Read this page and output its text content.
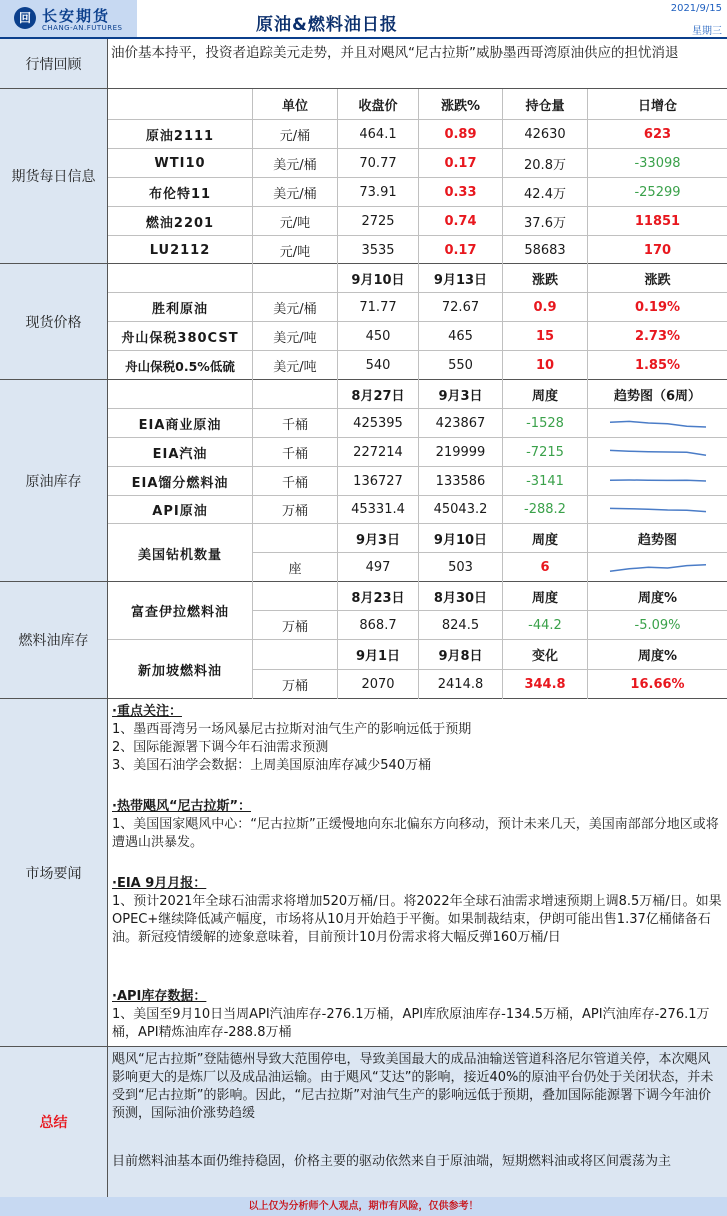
回 长安期货
CHANG-AN.FUTURES	原油&燃料油日报
2021/9/15
星期三
行情回顾
油价基本持平，投资者追踪美元走势，并且对飓风“尼古拉斯”威胁墨西哥湾原油供应的担忧消退
期货每日信息
单位	收盘价	涨跌%	持仓量	日增仓
原油2111	元/桶	464.1	0.89	42630	623
WTI10	美元/桶	70.77	0.17	20.8万	-33098
布伦特11	美元/桶	73.91	0.33	42.4万	-25299
燃油2201	元/吨	2725	0.74	37.6万	11851
LU2112	元/吨	3535	0.17	58683	170
现货价格
9月10日	9月13日	涨跌	涨跌
胜利原油	美元/桶	71.77	72.67	0.9	0.19%
舟山保税380CST	美元/吨	450	465	15	2.73%
舟山保税0.5%低硫	美元/吨	540	550	10	1.85%
原油库存
8月27日	9月3日	周度	趋势图（6周）
EIA商业原油	千桶	425395	423867	-1528
EIA汽油	千桶	227214	219999	-7215
EIA馏分燃料油	千桶	136727	133586	-3141
API原油	万桶	45331.4	45043.2	-288.2
美国钻机数量
9月3日	9月10日	周度	趋势图
座	497	503	6
燃料油库存
富查伊拉燃料油
8月23日	8月30日	周度	周度%
万桶	868.7	824.5	-44.2	-5.09%
新加坡燃料油
9月1日	9月8日	变化	周度%
万桶	2070	2414.8	344.8	16.66%
市场要闻
·重点关注：
1、墨西哥湾另一场风暴尼古拉斯对油气生产的影响远低于预期
2、国际能源署下调今年石油需求预测
3、美国石油学会数据：上周美国原油库存减少540万桶
·热带飓风“尼古拉斯”：
1、美国国家飓风中心：“尼古拉斯”正缓慢地向东北偏东方向移动，预计未来几天，美国南部部分地区或将遭遇山洪暴发。
·EIA 9月月报：
1、预计2021年全球石油需求将增加520万桶/日。将2022年全球石油需求增速预期上调8.5万桶/日。如果OPEC+继续降低减产幅度，市场将从10月开始趋于平衡。如果制裁结束，伊朗可能出售1.37亿桶储备石油。新冠疫情缓解的迹象意味着，目前预计10月份需求将大幅反弹160万桶/日
·API库存数据：
1、美国至9月10日当周API汽油库存-276.1万桶，API库欣原油库存-134.5万桶，API汽油库存-276.1万桶，API精炼油库存-288.8万桶
总结
飓风“尼古拉斯”登陆德州导致大范围停电，导致美国最大的成品油输送管道科洛尼尔管道关停，本次飓风影响更大的是炼厂以及成品油运输。由于飓风“艾达”的影响，接近40%的原油平台仍处于关闭状态，并未受到“尼古拉斯”的影响。因此，“尼古拉斯”对油气生产的影响远低于预期，叠加国际能源署下调今年油价预测，国际油价涨势趋缓
目前燃料油基本面仍维持稳固，价格主要的驱动依然来自于原油端，短期燃料油或将区间震荡为主
以上仅为分析师个人观点，期市有风险，仅供参考！
